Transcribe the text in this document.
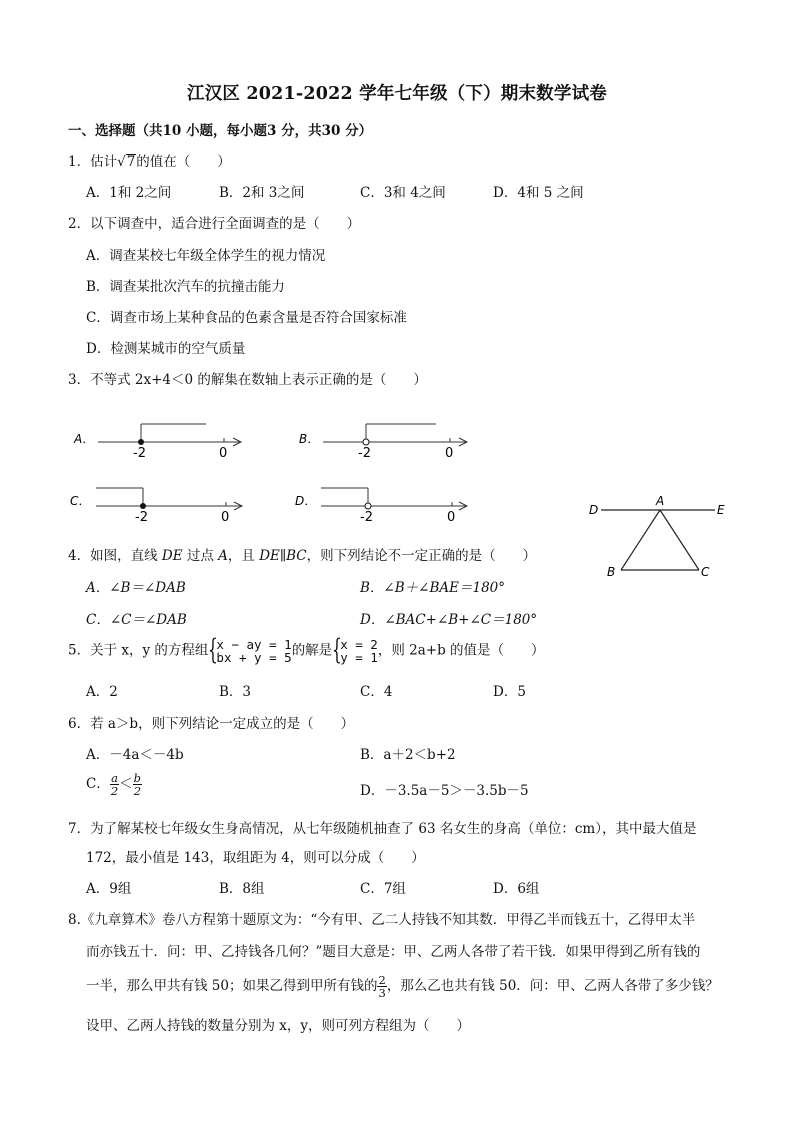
江汉区 2021-2022 学年七年级（下）期末数学试卷
一、选择题（共10 小题，每小题3 分，共30 分）
1．估计√7的值在（　　）
A．1和 2之间	B．2和 3之间	C．3和 4之间	D．4和 5 之间
2．以下调查中，适合进行全面调查的是（　　）
A．调查某校七年级全体学生的视力情况
B．调查某批次汽车的抗撞击能力
C．调查市场上某种食品的色素含量是否符合国家标准
D．检测某城市的空气质量
3．不等式 2x+4＜0 的解集在数轴上表示正确的是（　　）
A．
-2	0
B．
-2	0
C．
-2	0
D．
-2	0	D
A
E
B	C
4．如图，直线 DE 过点 A，且 DE∥BC，则下列结论不一定正确的是（　　）
A．∠B＝∠DAB	B．∠B＋∠BAE＝180°
C．∠C＝∠DAB	D．∠BAC+∠B+∠C＝180°
5．关于 x，y 的方程组 {
x − ay = 1
bx + y = 5 的解是 {
x = 2
y = 1 ，则 2a+b 的值是（　　）
A．2	B．3	C．4	D．5
6．若 a＞b，则下列结论一定成立的是（　　）
A．－4a＜－4b	B．a＋2＜b+2
C． $\frac{a}{2} < \frac{b}{2}$	D．－3.5a－5＞－3.5b－5
7．为了解某校七年级女生身高情况，从七年级随机抽查了 63 名女生的身高（单位：cm），其中最大值是
172，最小值是 143，取组距为 4，则可以分成（　　）
A．9组	B．8组	C．7组	D．6组
8.《九章算术》卷八方程第十题原文为：“今有甲、乙二人持钱不知其数．甲得乙半而钱五十，乙得甲太半
而亦钱五十．问：甲、乙持钱各几何？”题目大意是：甲、乙两人各带了若干钱．如果甲得到乙所有钱的
一半，那么甲共有钱 50；如果乙得到甲所有钱的 $\frac{2}{3}$ ，那么乙也共有钱 50．问：甲、乙两人各带了多少钱？
设甲、乙两人持钱的数量分别为 x，y，则可列方程组为（　　）
